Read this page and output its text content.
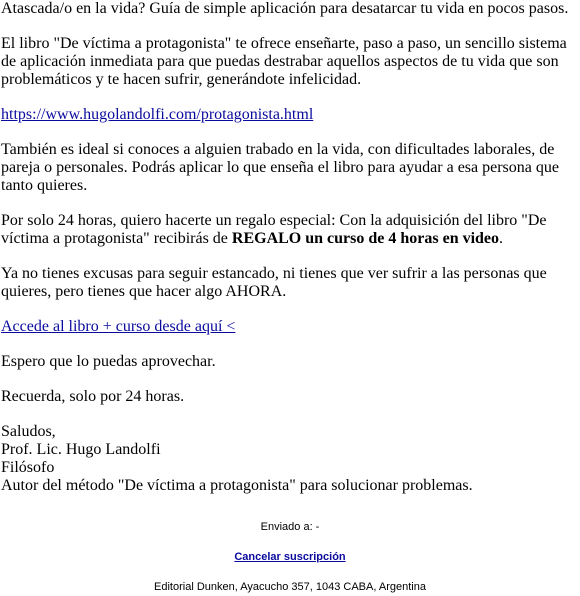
Atascada/o en la vida? Guía de simple aplicación para desatarcar tu vida en pocos pasos.

El libro "De víctima a protagonista" te ofrece enseñarte, paso a paso, un sencillo sistema de aplicación inmediata para que puedas destrabar aquellos aspectos de tu vida que son problemáticos y te hacen sufrir, generándote infelicidad.

https://www.hugolandolfi.com/protagonista.html

También es ideal si conoces a alguien trabado en la vida, con dificultades laborales, de pareja o personales. Podrás aplicar lo que enseña el libro para ayudar a esa persona que tanto quieres.

Por solo 24 horas, quiero hacerte un regalo especial: Con la adquisición del libro "De víctima a protagonista" recibirás de REGALO un curso de 4 horas en video.

Ya no tienes excusas para seguir estancado, ni tienes que ver sufrir a las personas que quieres, pero tienes que hacer algo AHORA.

Accede al libro + curso desde aquí <

Espero que lo puedas aprovechar.

Recuerda, solo por 24 horas.

Saludos,
Prof. Lic. Hugo Landolfi
Filósofo
Autor del método "De víctima a protagonista" para solucionar problemas.

Enviado a: -
Cancelar suscripción
Editorial Dunken, Ayacucho 357, 1043 CABA, Argentina
